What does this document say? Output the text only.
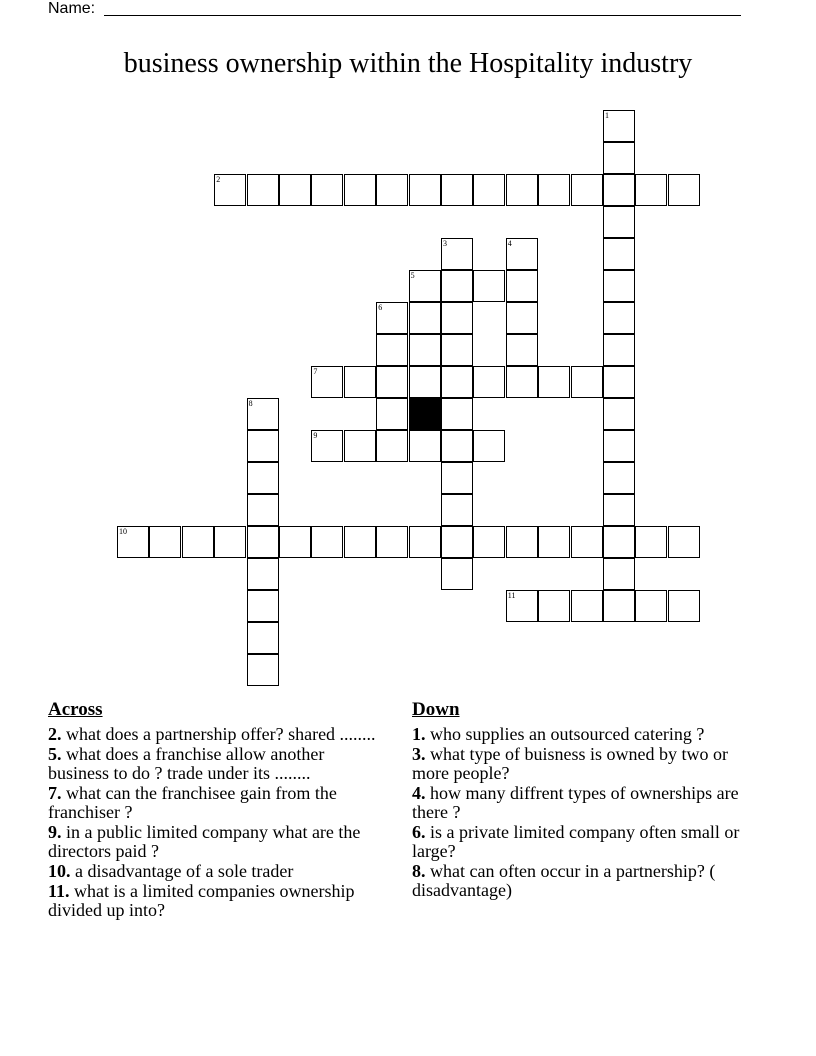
Name:
business ownership within the Hospitality industry
1
2
3	4
5
6
7
8
9
10
11
Across
2. what does a partnership offer? shared ........
5. what does a franchise allow another business to do ? trade under its ........
7. what can the franchisee gain from the franchiser ?
9. in a public limited company what are the directors paid ?
10. a disadvantage of a sole trader
11. what is a limited companies ownership divided up into?
Down
1. who supplies an outsourced catering ?
3. what type of buisness is owned by two or more people?
4. how many diffrent types of ownerships are there ?
6. is a private limited company often small or large?
8. what can often occur in a partnership? ( disadvantage)
